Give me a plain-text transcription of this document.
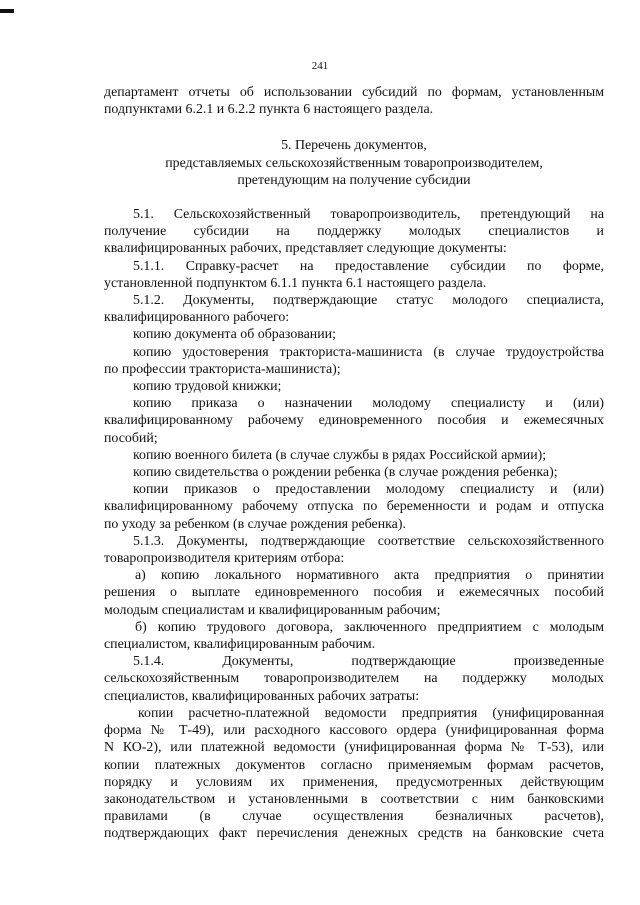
241
департамент отчеты об использовании субсидий по формам, установленным
подпунктами 6.2.1 и 6.2.2 пункта 6 настоящего раздела.
5. Перечень документов,
представляемых сельскохозяйственным товаропроизводителем,
претендующим на получение субсидии
5.1. Сельскохозяйственный товаропроизводитель, претендующий на
получение субсидии на поддержку молодых специалистов и
квалифицированных рабочих, представляет следующие документы:
5.1.1. Справку-расчет на предоставление субсидии по форме,
установленной подпунктом 6.1.1 пункта 6.1 настоящего раздела.
5.1.2. Документы, подтверждающие статус молодого специалиста,
квалифицированного рабочего:
копию документа об образовании;
копию удостоверения тракториста-машиниста (в случае трудоустройства
по профессии тракториста-машиниста);
копию трудовой книжки;
копию приказа о назначении молодому специалисту и (или)
квалифицированному рабочему единовременного пособия и ежемесячных
пособий;
копию военного билета (в случае службы в рядах Российской армии);
копию свидетельства о рождении ребенка (в случае рождения ребенка);
копии приказов о предоставлении молодому специалисту и (или)
квалифицированному рабочему отпуска по беременности и родам и отпуска
по уходу за ребенком (в случае рождения ребенка).
5.1.3. Документы, подтверждающие соответствие сельскохозяйственного
товаропроизводителя критериям отбора:
а) копию локального нормативного акта предприятия о принятии
решения о выплате единовременного пособия и ежемесячных пособий
молодым специалистам и квалифицированным рабочим;
б) копию трудового договора, заключенного предприятием с молодым
специалистом, квалифицированным рабочим.
5.1.4. Документы, подтверждающие произведенные
сельскохозяйственным товаропроизводителем на поддержку молодых
специалистов, квалифицированных рабочих затраты:
копии расчетно-платежной ведомости предприятия (унифицированная
форма № Т-49), или расходного кассового ордера (унифицированная форма
N КО-2), или платежной ведомости (унифицированная форма № Т-53), или
копии платежных документов согласно применяемым формам расчетов,
порядку и условиям их применения, предусмотренных действующим
законодательством и установленными в соответствии с ним банковскими
правилами (в случае осуществления безналичных расчетов),
подтверждающих факт перечисления денежных средств на банковские счета
